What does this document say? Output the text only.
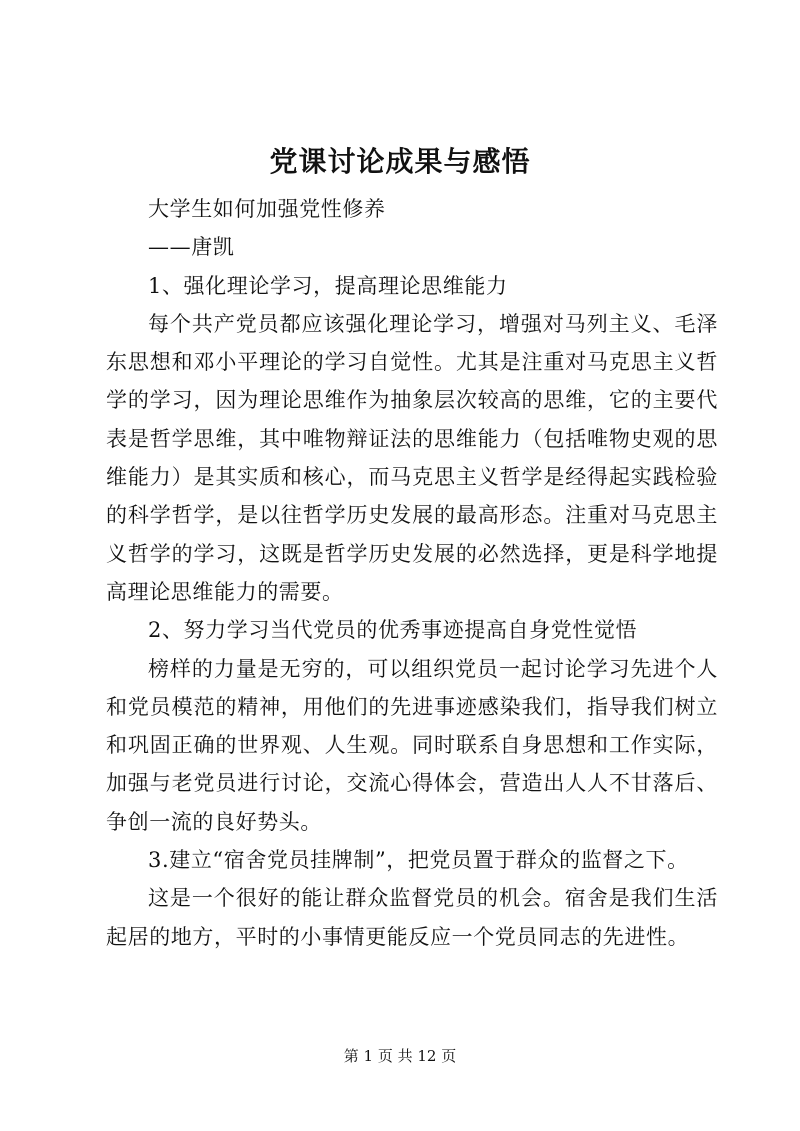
党课讨论成果与感悟

大学生如何加强党性修养

——唐凯

1、强化理论学习，提高理论思维能力

每个共产党员都应该强化理论学习，增强对马列主义、毛泽东思想和邓小平理论的学习自觉性。尤其是注重对马克思主义哲学的学习，因为理论思维作为抽象层次较高的思维，它的主要代表是哲学思维，其中唯物辩证法的思维能力（包括唯物史观的思维能力）是其实质和核心，而马克思主义哲学是经得起实践检验的科学哲学，是以往哲学历史发展的最高形态。注重对马克思主义哲学的学习，这既是哲学历史发展的必然选择，更是科学地提高理论思维能力的需要。

2、努力学习当代党员的优秀事迹提高自身党性觉悟

榜样的力量是无穷的，可以组织党员一起讨论学习先进个人和党员模范的精神，用他们的先进事迹感染我们，指导我们树立和巩固正确的世界观、人生观。同时联系自身思想和工作实际，加强与老党员进行讨论，交流心得体会，营造出人人不甘落后、争创一流的良好势头。

3.建立“宿舍党员挂牌制”，把党员置于群众的监督之下。

这是一个很好的能让群众监督党员的机会。宿舍是我们生活起居的地方，平时的小事情更能反应一个党员同志的先进性。

第 1 页 共 12 页
